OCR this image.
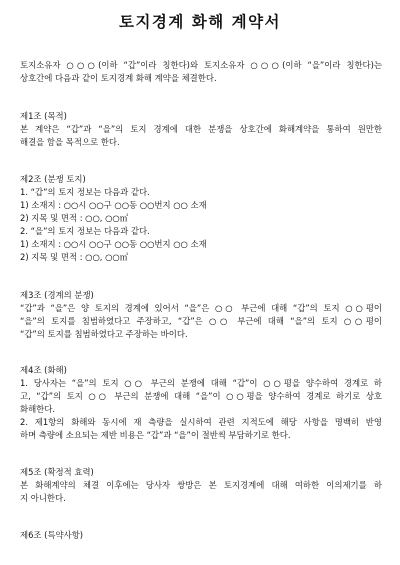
토지경계 화해 계약서
토지소유자 ○○○(이하 “갑”이라 칭한다)와 토지소유자 ○○○(이하 “을”이라 칭한다)는
상호간에 다음과 같이 토지경계 화해 계약을 체결한다.
제1조 (목적)
본 계약은 “갑”과 “을”의 토지 경계에 대한 분쟁을 상호간에 화해계약을 통하여 원만한
해결을 함을 목적으로 한다.
제2조 (분쟁 토지)
1. “갑”의 토지 정보는 다음과 같다.
1) 소재지 : ○○시 ○○구 ○○동 ○○번지 ○○ 소재
2) 지목 및 면적 : ○○, ○○㎡
2. “을”의 토지 정보는 다음과 같다.
1) 소재지 : ○○시 ○○구 ○○동 ○○번지 ○○ 소재
2) 지목 및 면적 : ○○, ○○㎡
제3조 (경계의 분쟁)
“갑”과 “을”은 양 토지의 경계에 있어서 “을”은 ○○ 부근에 대해 “갑”의 토지 ○○평이
“을”의 토지를 침범하였다고 주장하고, “갑”은 ○○ 부근에 대해 “을”의 토지 ○○평이
“갑”의 토지를 침범하였다고 주장하는 바이다.
제4조 (화해)
1. 당사자는 “을”의 토지 ○○ 부근의 분쟁에 대해 “갑”이 ○○평을 양수하여 경계로 하
고, “갑”의 토지 ○○ 부근의 분쟁에 대해 “을”이 ○○평을 양수하여 경계로 하기로 상호
화해한다.
2. 제1항의 화해와 동시에 재 측량을 실시하여 관련 지적도에 해당 사항을 명백히 반영
하며 측량에 소요되는 제반 비용은 “갑”과 “을”이 절반씩 부담하기로 한다.
제5조 (확정적 효력)
본 화해계약의 체결 이후에는 당사자 쌍방은 본 토지경계에 대해 여하한 이의제기를 하
지 아니한다.
제6조 (특약사항)
